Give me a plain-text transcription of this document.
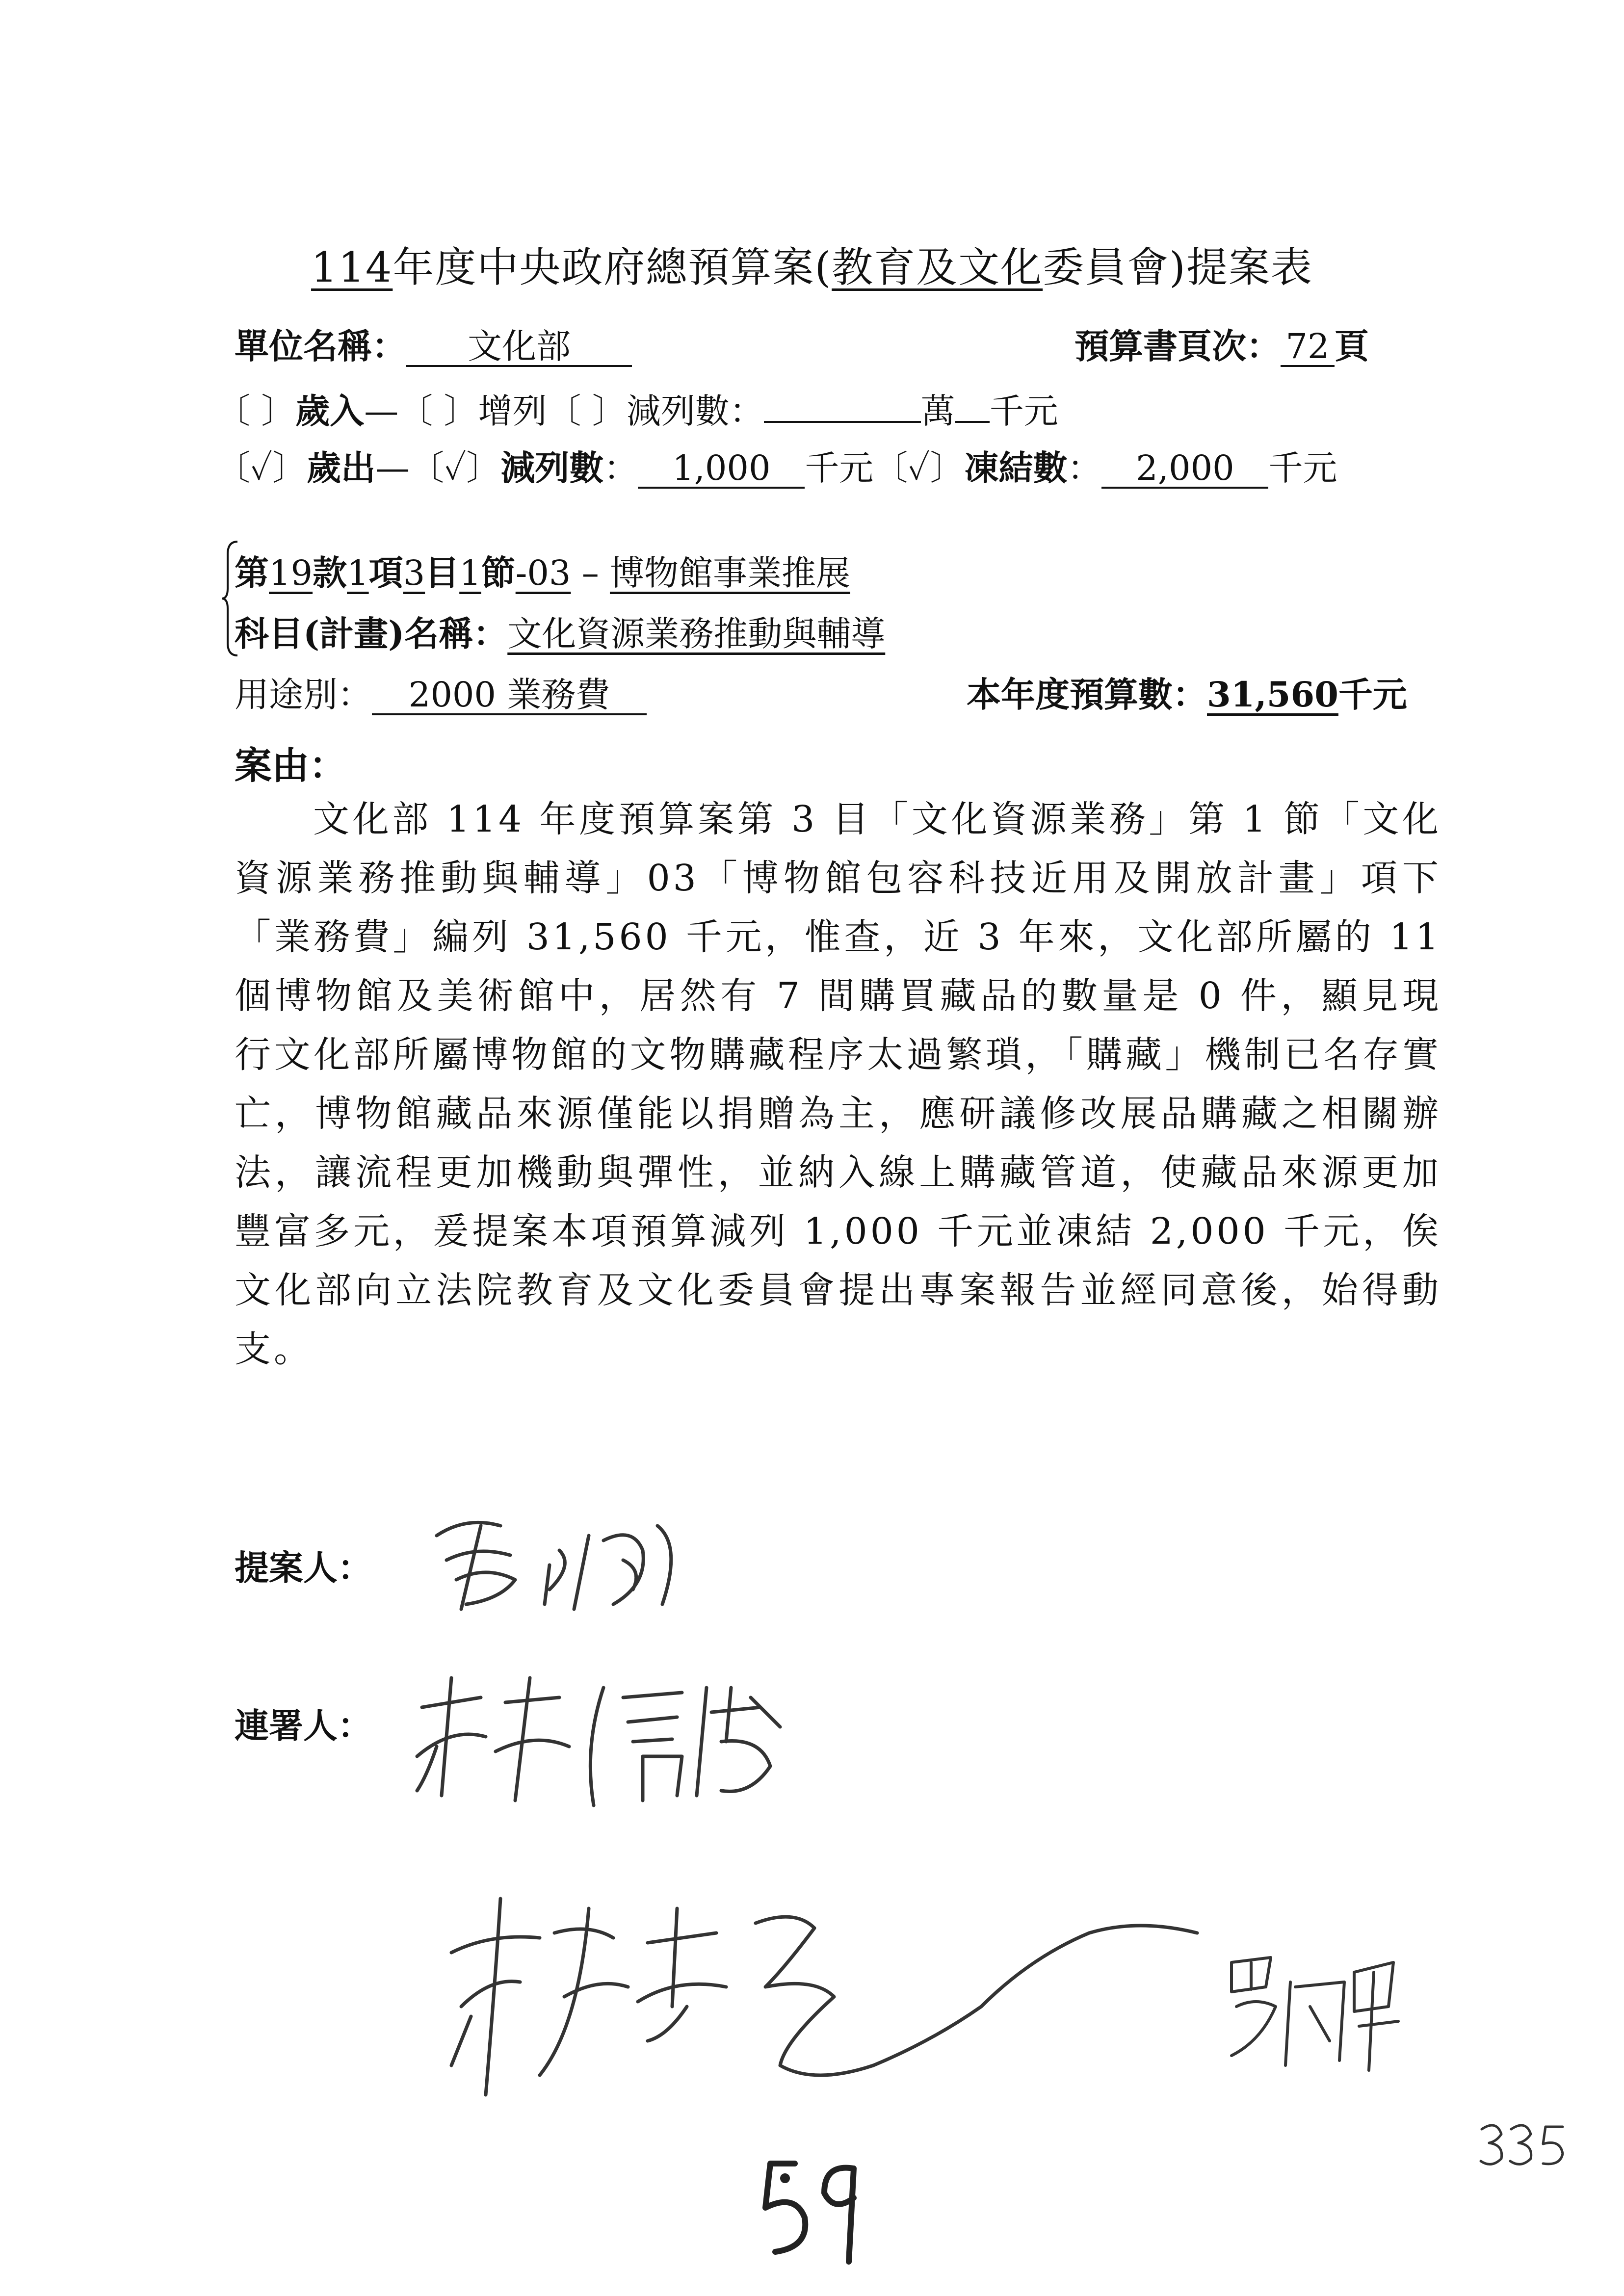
114年度中央政府總預算案(教育及文化委員會)提案表
單位名稱： 文化部	預算書頁次： 72 頁
〔 〕歲入—〔 〕增列〔 〕減列數：	萬 千元
〔✓〕歲出—〔✓〕減列數： 1,000 千元〔✓〕凍結數： 2,000 千元
第19款1項3目1節-03 – 博物館事業推展
科目(計畫)名稱：文化資源業務推動與輔導
用途別： 2000 業務費	本年度預算數：31,560千元
案由：

文化部 114 年度預算案第 3 目「文化資源業務」第 1 節「文化資源業務推動與輔導」03「博物館包容科技近用及開放計畫」項下「業務費」編列 31,560 千元，惟查，近 3 年來，文化部所屬的 11 個博物館及美術館中，居然有 7 間購買藏品的數量是 0 件，顯見現行文化部所屬博物館的文物購藏程序太過繁瑣，「購藏」機制已名存實亡，博物館藏品來源僅能以捐贈為主，應研議修改展品購藏之相關辦法，讓流程更加機動與彈性，並納入線上購藏管道，使藏品來源更加豐富多元，爰提案本項預算減列 1,000 千元並凍結 2,000 千元，俟文化部向立法院教育及文化委員會提出專案報告並經同意後，始得動支。

提案人：
連署人：
